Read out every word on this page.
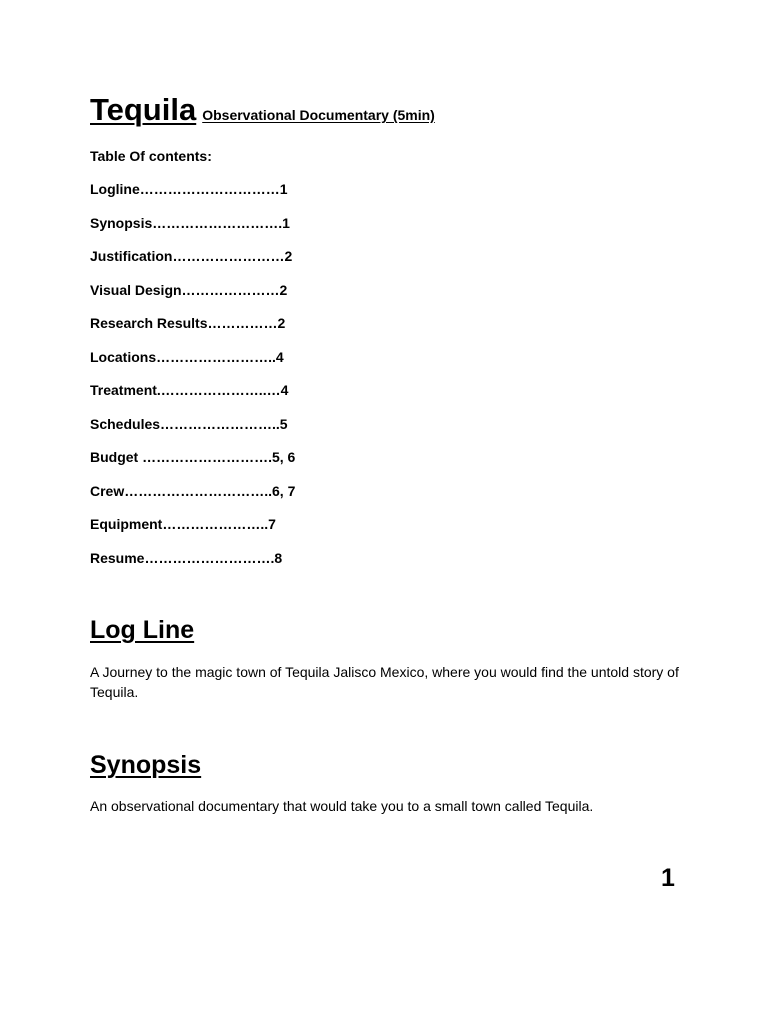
Tequila Observational Documentary (5min)
Table Of contents:
Logline…………………………1
Synopsis……………………….1
Justification……………………2
Visual Design…………………2
Research Results……………2
Locations……………………..4
Treatment.…………………..…4
Schedules……………………..5
Budget ……………………….5, 6
Crew…………………………..6, 7
Equipment…………………..7
Resume……………………….8
Log Line
A Journey to the magic town of Tequila Jalisco Mexico, where you would find the untold story of Tequila.
Synopsis
An observational documentary that would take you to a small town called Tequila.
1
